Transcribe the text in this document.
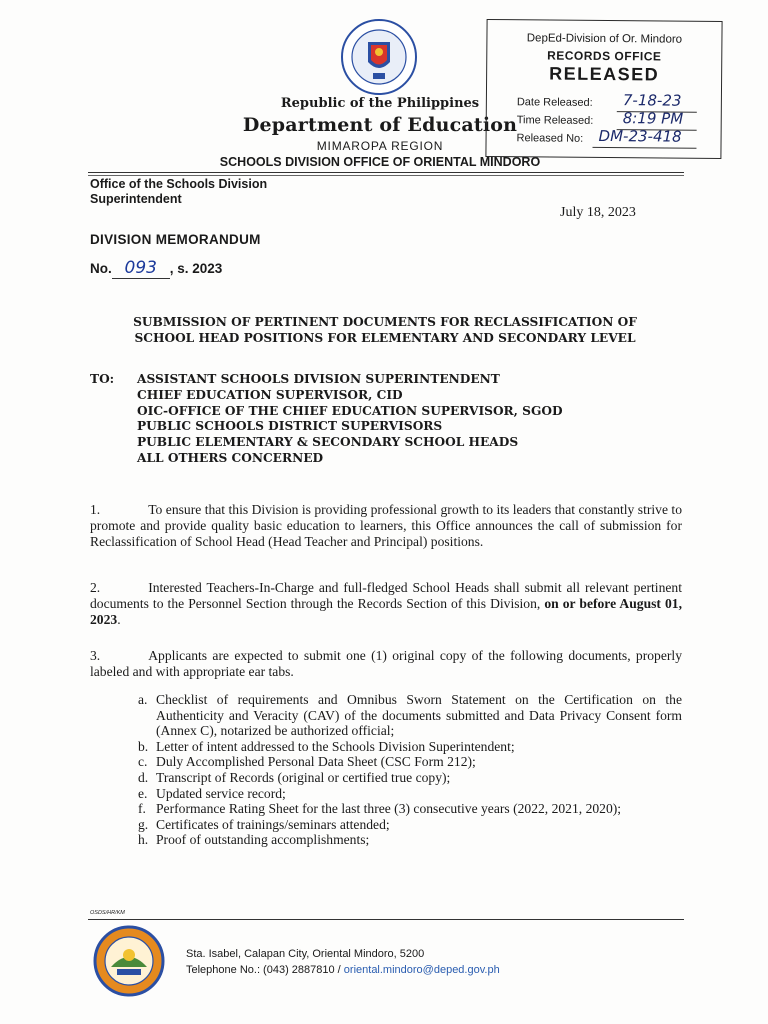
Republic of the Philippines
Department of Education
MIMAROPA REGION
SCHOOLS DIVISION OFFICE OF ORIENTAL MINDORO
DepEd-Division of Or. Mindoro
RECORDS OFFICE
RELEASED
Date Released: 7-18-23
Time Released: 8:19 PM
Released No: DM-23-418
Office of the Schools Division
Superintendent
July 18, 2023
DIVISION MEMORANDUM
No. 093 , s. 2023
SUBMISSION OF PERTINENT DOCUMENTS FOR RECLASSIFICATION OF
SCHOOL HEAD POSITIONS FOR ELEMENTARY AND SECONDARY LEVEL
TO: ASSISTANT SCHOOLS DIVISION SUPERINTENDENT
CHIEF EDUCATION SUPERVISOR, CID
OIC-OFFICE OF THE CHIEF EDUCATION SUPERVISOR, SGOD
PUBLIC SCHOOLS DISTRICT SUPERVISORS
PUBLIC ELEMENTARY & SECONDARY SCHOOL HEADS
ALL OTHERS CONCERNED
1.	To ensure that this Division is providing professional growth to its leaders that constantly strive to promote and provide quality basic education to learners, this Office announces the call of submission for Reclassification of School Head (Head Teacher and Principal) positions.
2.	Interested Teachers-In-Charge and full-fledged School Heads shall submit all relevant pertinent documents to the Personnel Section through the Records Section of this Division, on or before August 01, 2023.
3.	Applicants are expected to submit one (1) original copy of the following documents, properly labeled and with appropriate ear tabs.
a. Checklist of requirements and Omnibus Sworn Statement on the Certification on the Authenticity and Veracity (CAV) of the documents submitted and Data Privacy Consent form (Annex C), notarized be authorized official;
b. Letter of intent addressed to the Schools Division Superintendent;
c. Duly Accomplished Personal Data Sheet (CSC Form 212);
d. Transcript of Records (original or certified true copy);
e. Updated service record;
f. Performance Rating Sheet for the last three (3) consecutive years (2022, 2021, 2020);
g. Certificates of trainings/seminars attended;
h. Proof of outstanding accomplishments;
OSDS/HR/KM
Sta. Isabel, Calapan City, Oriental Mindoro, 5200
Telephone No.: (043) 2887810 / oriental.mindoro@deped.gov.ph
